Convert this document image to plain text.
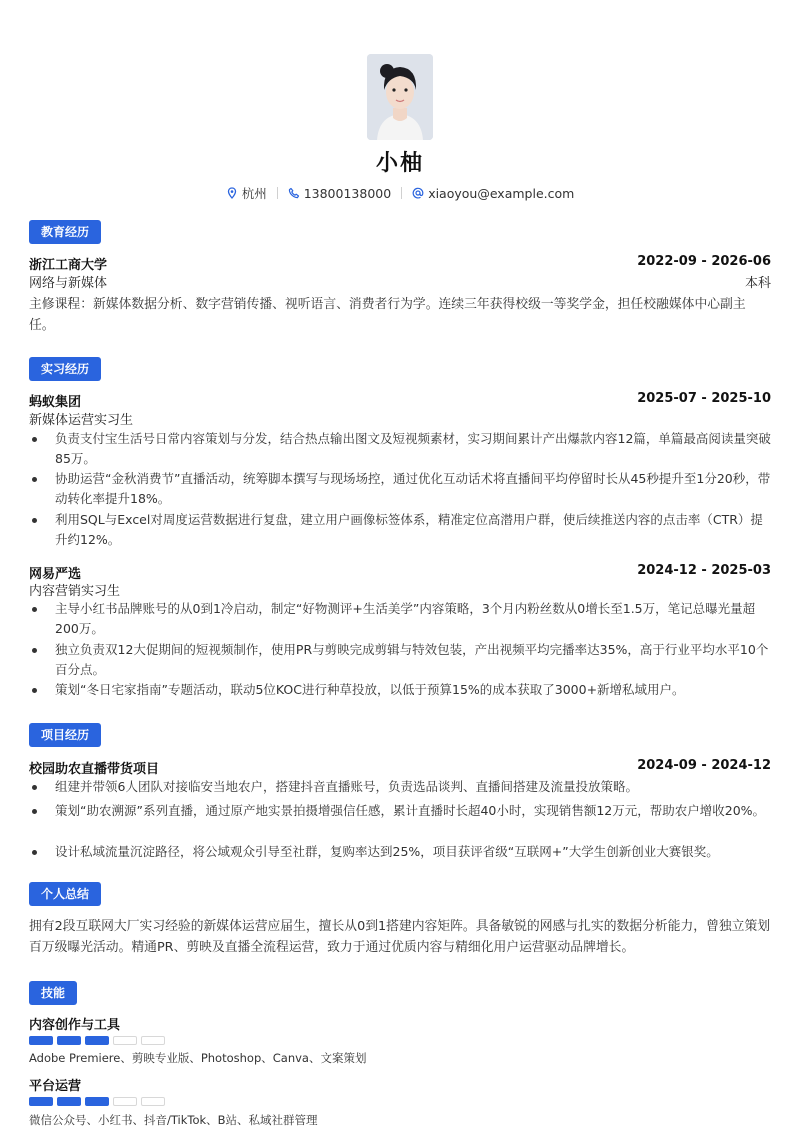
小柚
杭州	13800138000	xiaoyou@example.com
教育经历
浙江工商大学	2022-09 - 2026-06
网络与新媒体	本科
主修课程：新媒体数据分析、数字营销传播、视听语言、消费者行为学。连续三年获得校级一等奖学金，担任校融媒体中心副主任。
实习经历
蚂蚁集团	2025-07 - 2025-10
新媒体运营实习生
负责支付宝生活号日常内容策划与分发，结合热点输出图文及短视频素材，实习期间累计产出爆款内容12篇，单篇最高阅读量突破85万。
协助运营“金秋消费节”直播活动，统筹脚本撰写与现场场控，通过优化互动话术将直播间平均停留时长从45秒提升至1分20秒，带动转化率提升18%。
利用SQL与Excel对周度运营数据进行复盘，建立用户画像标签体系，精准定位高潜用户群，使后续推送内容的点击率（CTR）提升约12%。
网易严选	2024-12 - 2025-03
内容营销实习生
主导小红书品牌账号的从0到1冷启动，制定“好物测评+生活美学”内容策略，3个月内粉丝数从0增长至1.5万，笔记总曝光量超200万。
独立负责双12大促期间的短视频制作，使用PR与剪映完成剪辑与特效包装，产出视频平均完播率达35%，高于行业平均水平10个百分点。
策划“冬日宅家指南”专题活动，联动5位KOC进行种草投放，以低于预算15%的成本获取了3000+新增私域用户。
项目经历
校园助农直播带货项目	2024-09 - 2024-12
组建并带领6人团队对接临安当地农户，搭建抖音直播账号，负责选品谈判、直播间搭建及流量投放策略。
策划“助农溯源”系列直播，通过原产地实景拍摄增强信任感，累计直播时长超40小时，实现销售额12万元，帮助农户增收20%。
设计私域流量沉淀路径，将公域观众引导至社群，复购率达到25%，项目获评省级“互联网+”大学生创新创业大赛银奖。
个人总结
拥有2段互联网大厂实习经验的新媒体运营应届生，擅长从0到1搭建内容矩阵。具备敏锐的网感与扎实的数据分析能力，曾独立策划百万级曝光活动。精通PR、剪映及直播全流程运营，致力于通过优质内容与精细化用户运营驱动品牌增长。
技能
内容创作与工具
Adobe Premiere、剪映专业版、Photoshop、Canva、文案策划
平台运营
微信公众号、小红书、抖音/TikTok、B站、私域社群管理
